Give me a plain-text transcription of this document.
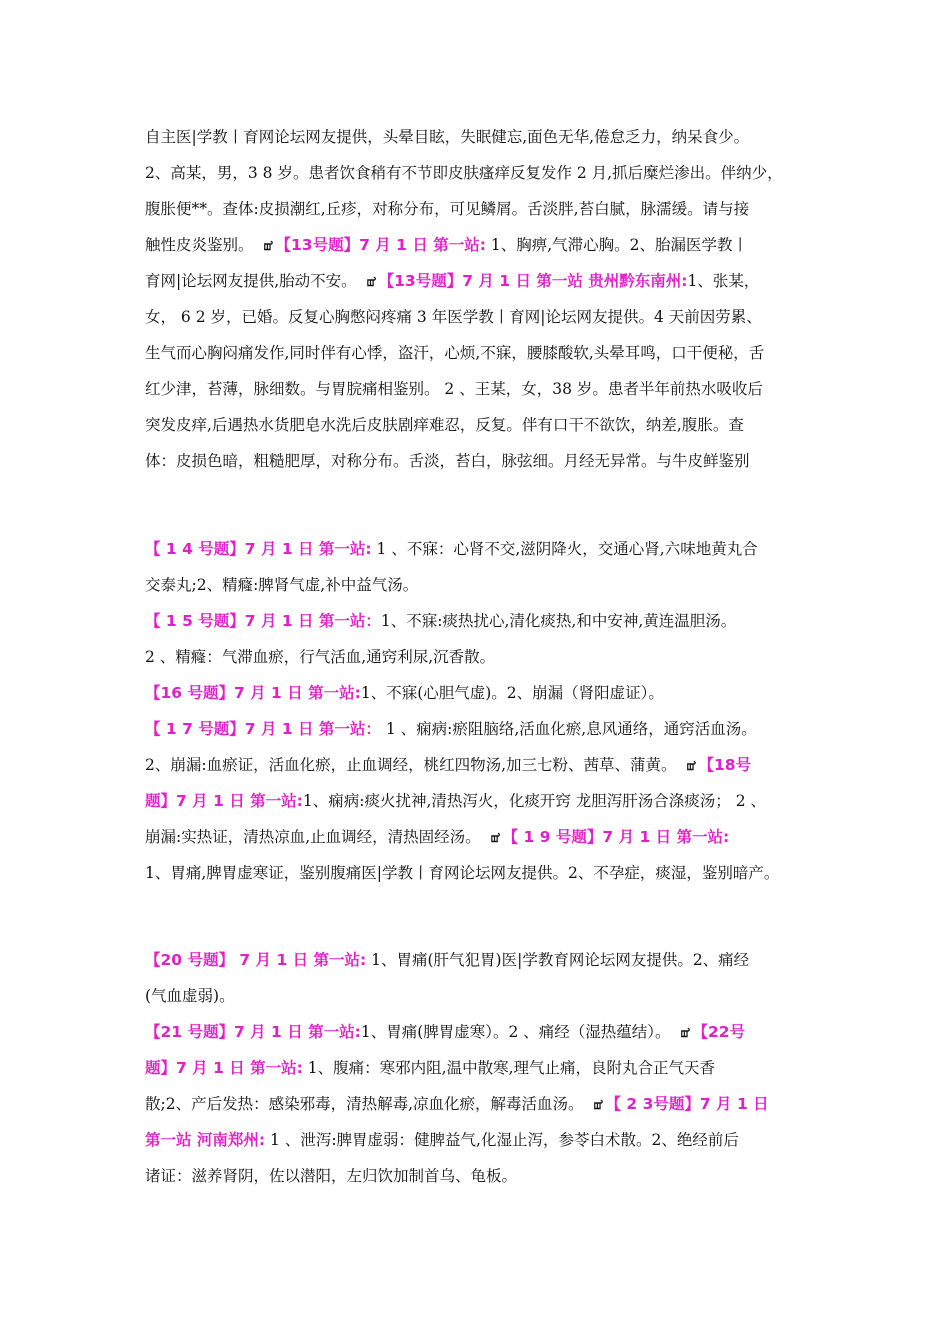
自主医|学教丨育网论坛网友提供，头晕目眩，失眠健忘,面色无华,倦怠乏力，纳呆食少。
2、高某，男，3 8 岁。患者饮食稍有不节即皮肤瘙痒反复发作 2 月,抓后糜烂渗出。伴纳少，
腹胀便**。查体:皮损潮红,丘疹，对称分布，可见鳞屑。舌淡胖,苔白腻，脉濡缓。请与接
触性皮炎鉴别。 ꕠ 【13号题】7 月 1 日 第一站: 1、胸痹,气滞心胸。2、胎漏医学教丨
育网|论坛网友提供,胎动不安。 ꕠ 【13号题】7 月 1 日 第一站 贵州黔东南州:1、张某，
女， 6 2 岁，已婚。反复心胸憋闷疼痛 3 年医学教丨育网|论坛网友提供。4 天前因劳累、
生气而心胸闷痛发作,同时伴有心悸，盗汗，心烦,不寐，腰膝酸软,头晕耳鸣，口干便秘，舌
红少津，苔薄，脉细数。与胃脘痛相鉴别。 2 、王某，女，38 岁。患者半年前热水吸收后
突发皮痒,后遇热水货肥皂水洗后皮肤剧痒难忍，反复。伴有口干不欲饮，纳差,腹胀。查
体：皮损色暗，粗糙肥厚，对称分布。舌淡，苔白，脉弦细。月经无异常。与牛皮鲜鉴别
【 1 4 号题】7 月 1 日 第一站: 1 、不寐：心肾不交,滋阴降火，交通心肾,六味地黄丸合
交泰丸;2、精癃:脾肾气虚,补中益气汤。
【 1 5 号题】7 月 1 日 第一站：1、不寐:痰热扰心,清化痰热,和中安神,黄连温胆汤。
2 、精癃：气滞血瘀，行气活血,通窍利尿,沉香散。
【16 号题】7 月 1 日 第一站:1、不寐(心胆气虚)。2、崩漏（肾阳虚证）。
【 1 7 号题】7 月 1 日 第一站： 1 、痫病:瘀阻脑络,活血化瘀,息风通络，通窍活血汤。
2、崩漏:血瘀证，活血化瘀，止血调经，桃红四物汤,加三七粉、茜草、蒲黄。 ꕠ 【18号
题】7 月 1 日 第一站:1、痫病:痰火扰神,清热泻火，化痰开窍 龙胆泻肝汤合涤痰汤； 2 、
崩漏:实热证，清热凉血,止血调经，清热固经汤。 ꕠ 【 1 9 号题】7 月 1 日 第一站:
1、胃痛,脾胃虚寒证，鉴别腹痛医|学教丨育网论坛网友提供。2、不孕症，痰湿，鉴别暗产。
【20 号题】 7 月 1 日 第一站: 1、胃痛(肝气犯胃)医|学教育网论坛网友提供。2、痛经
(气血虚弱)。
【21 号题】7 月 1 日 第一站:1、胃痛(脾胃虚寒）。2 、痛经（湿热蕴结）。 ꕠ 【22号
题】7 月 1 日 第一站: 1、腹痛：寒邪内阻,温中散寒,理气止痛，良附丸合正气天香
散;2、产后发热：感染邪毒，清热解毒,凉血化瘀，解毒活血汤。 ꕠ 【 2 3号题】7 月 1 日
第一站 河南郑州: 1 、泄泻:脾胃虚弱：健脾益气,化湿止泻，参苓白术散。2、绝经前后
诸证：滋养肾阴，佐以潜阳，左归饮加制首乌、龟板。
